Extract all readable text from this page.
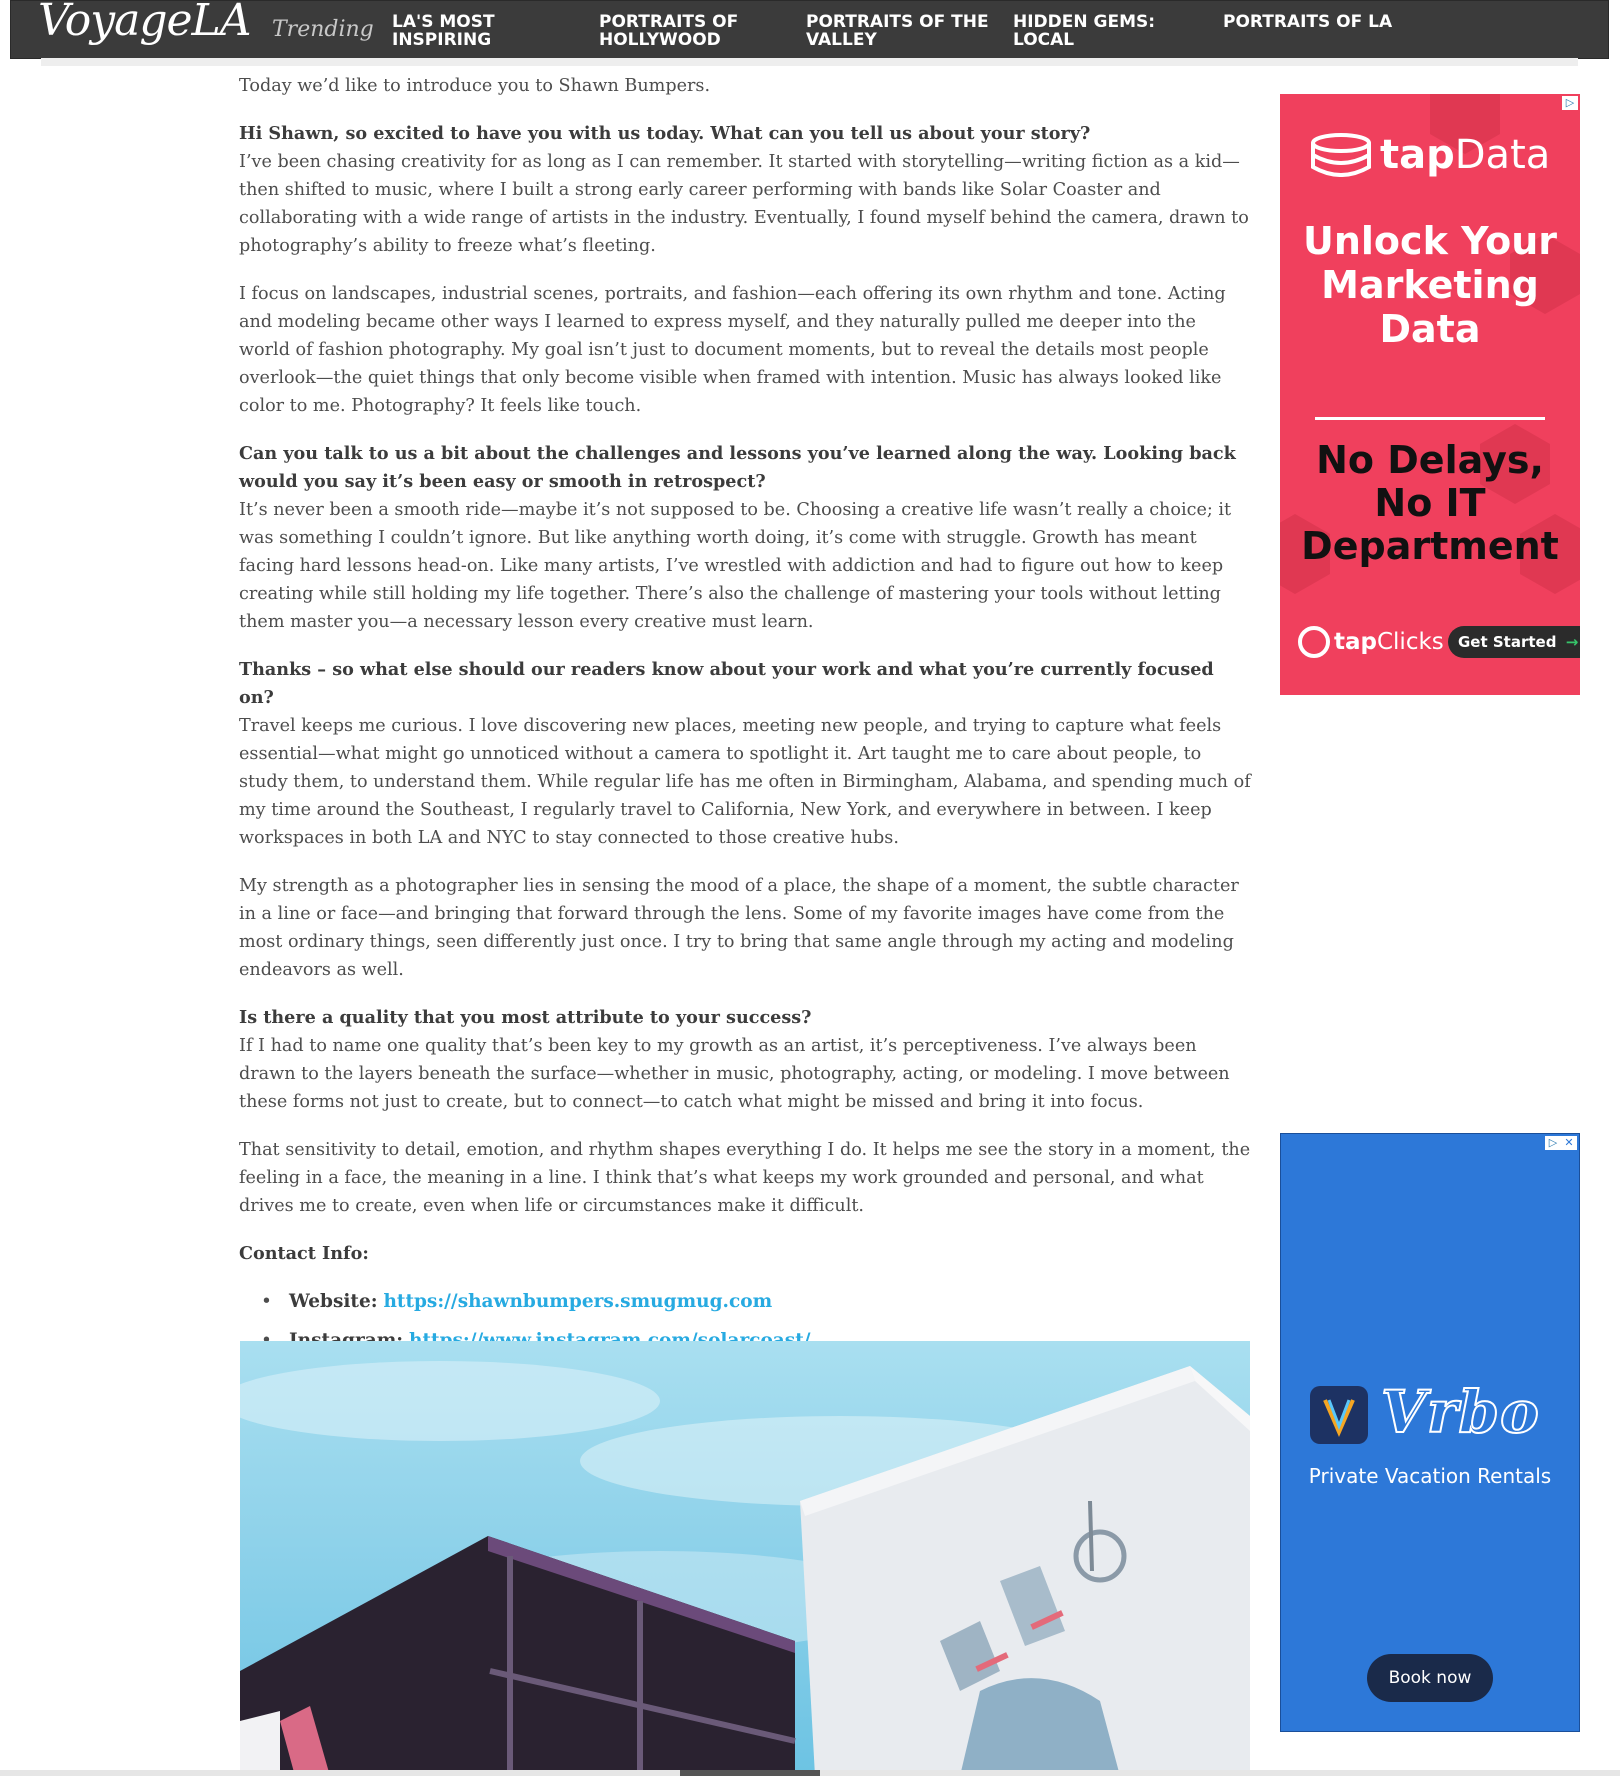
VoyageLA Trending LA'S MOST INSPIRING
PORTRAITS OF HOLLYWOOD
PORTRAITS OF THE VALLEY
HIDDEN GEMS: LOCAL
PORTRAITS OF LA

Today we’d like to introduce you to Shawn Bumpers.

Hi Shawn, so excited to have you with us today. What can you tell us about your story?
I’ve been chasing creativity for as long as I can remember. It started with storytelling—writing fiction as a kid—then shifted to music, where I built a strong early career performing with bands like Solar Coaster and collaborating with a wide range of artists in the industry. Eventually, I found myself behind the camera, drawn to photography’s ability to freeze what’s fleeting.

I focus on landscapes, industrial scenes, portraits, and fashion—each offering its own rhythm and tone. Acting and modeling became other ways I learned to express myself, and they naturally pulled me deeper into the world of fashion photography. My goal isn’t just to document moments, but to reveal the details most people overlook—the quiet things that only become visible when framed with intention. Music has always looked like color to me. Photography? It feels like touch.

Can you talk to us a bit about the challenges and lessons you’ve learned along the way. Looking back would you say it’s been easy or smooth in retrospect?
It’s never been a smooth ride—maybe it’s not supposed to be. Choosing a creative life wasn’t really a choice; it was something I couldn’t ignore. But like anything worth doing, it’s come with struggle. Growth has meant facing hard lessons head-on. Like many artists, I’ve wrestled with addiction and had to figure out how to keep creating while still holding my life together. There’s also the challenge of mastering your tools without letting them master you—a necessary lesson every creative must learn.

Thanks – so what else should our readers know about your work and what you’re currently focused on?
Travel keeps me curious. I love discovering new places, meeting new people, and trying to capture what feels essential—what might go unnoticed without a camera to spotlight it. Art taught me to care about people, to study them, to understand them. While regular life has me often in Birmingham, Alabama, and spending much of my time around the Southeast, I regularly travel to California, New York, and everywhere in between. I keep workspaces in both LA and NYC to stay connected to those creative hubs.

My strength as a photographer lies in sensing the mood of a place, the shape of a moment, the subtle character in a line or face—and bringing that forward through the lens. Some of my favorite images have come from the most ordinary things, seen differently just once. I try to bring that same angle through my acting and modeling endeavors as well.

Is there a quality that you most attribute to your success?
If I had to name one quality that’s been key to my growth as an artist, it’s perceptiveness. I’ve always been drawn to the layers beneath the surface—whether in music, photography, acting, or modeling. I move between these forms not just to create, but to connect—to catch what might be missed and bring it into focus.

That sensitivity to detail, emotion, and rhythm shapes everything I do. It helps me see the story in a moment, the feeling in a face, the meaning in a line. I think that’s what keeps my work grounded and personal, and what drives me to create, even when life or circumstances make it difficult.

Contact Info:

• Website: https://shawnbumpers.smugmug.com
•
•
•
▷
tap Data
Unlock Your Marketing Data
No Delays, No IT Department
tap Clicks Get Started →
▷ ✕
Vrbo
Private Vacation Rentals
Book now
